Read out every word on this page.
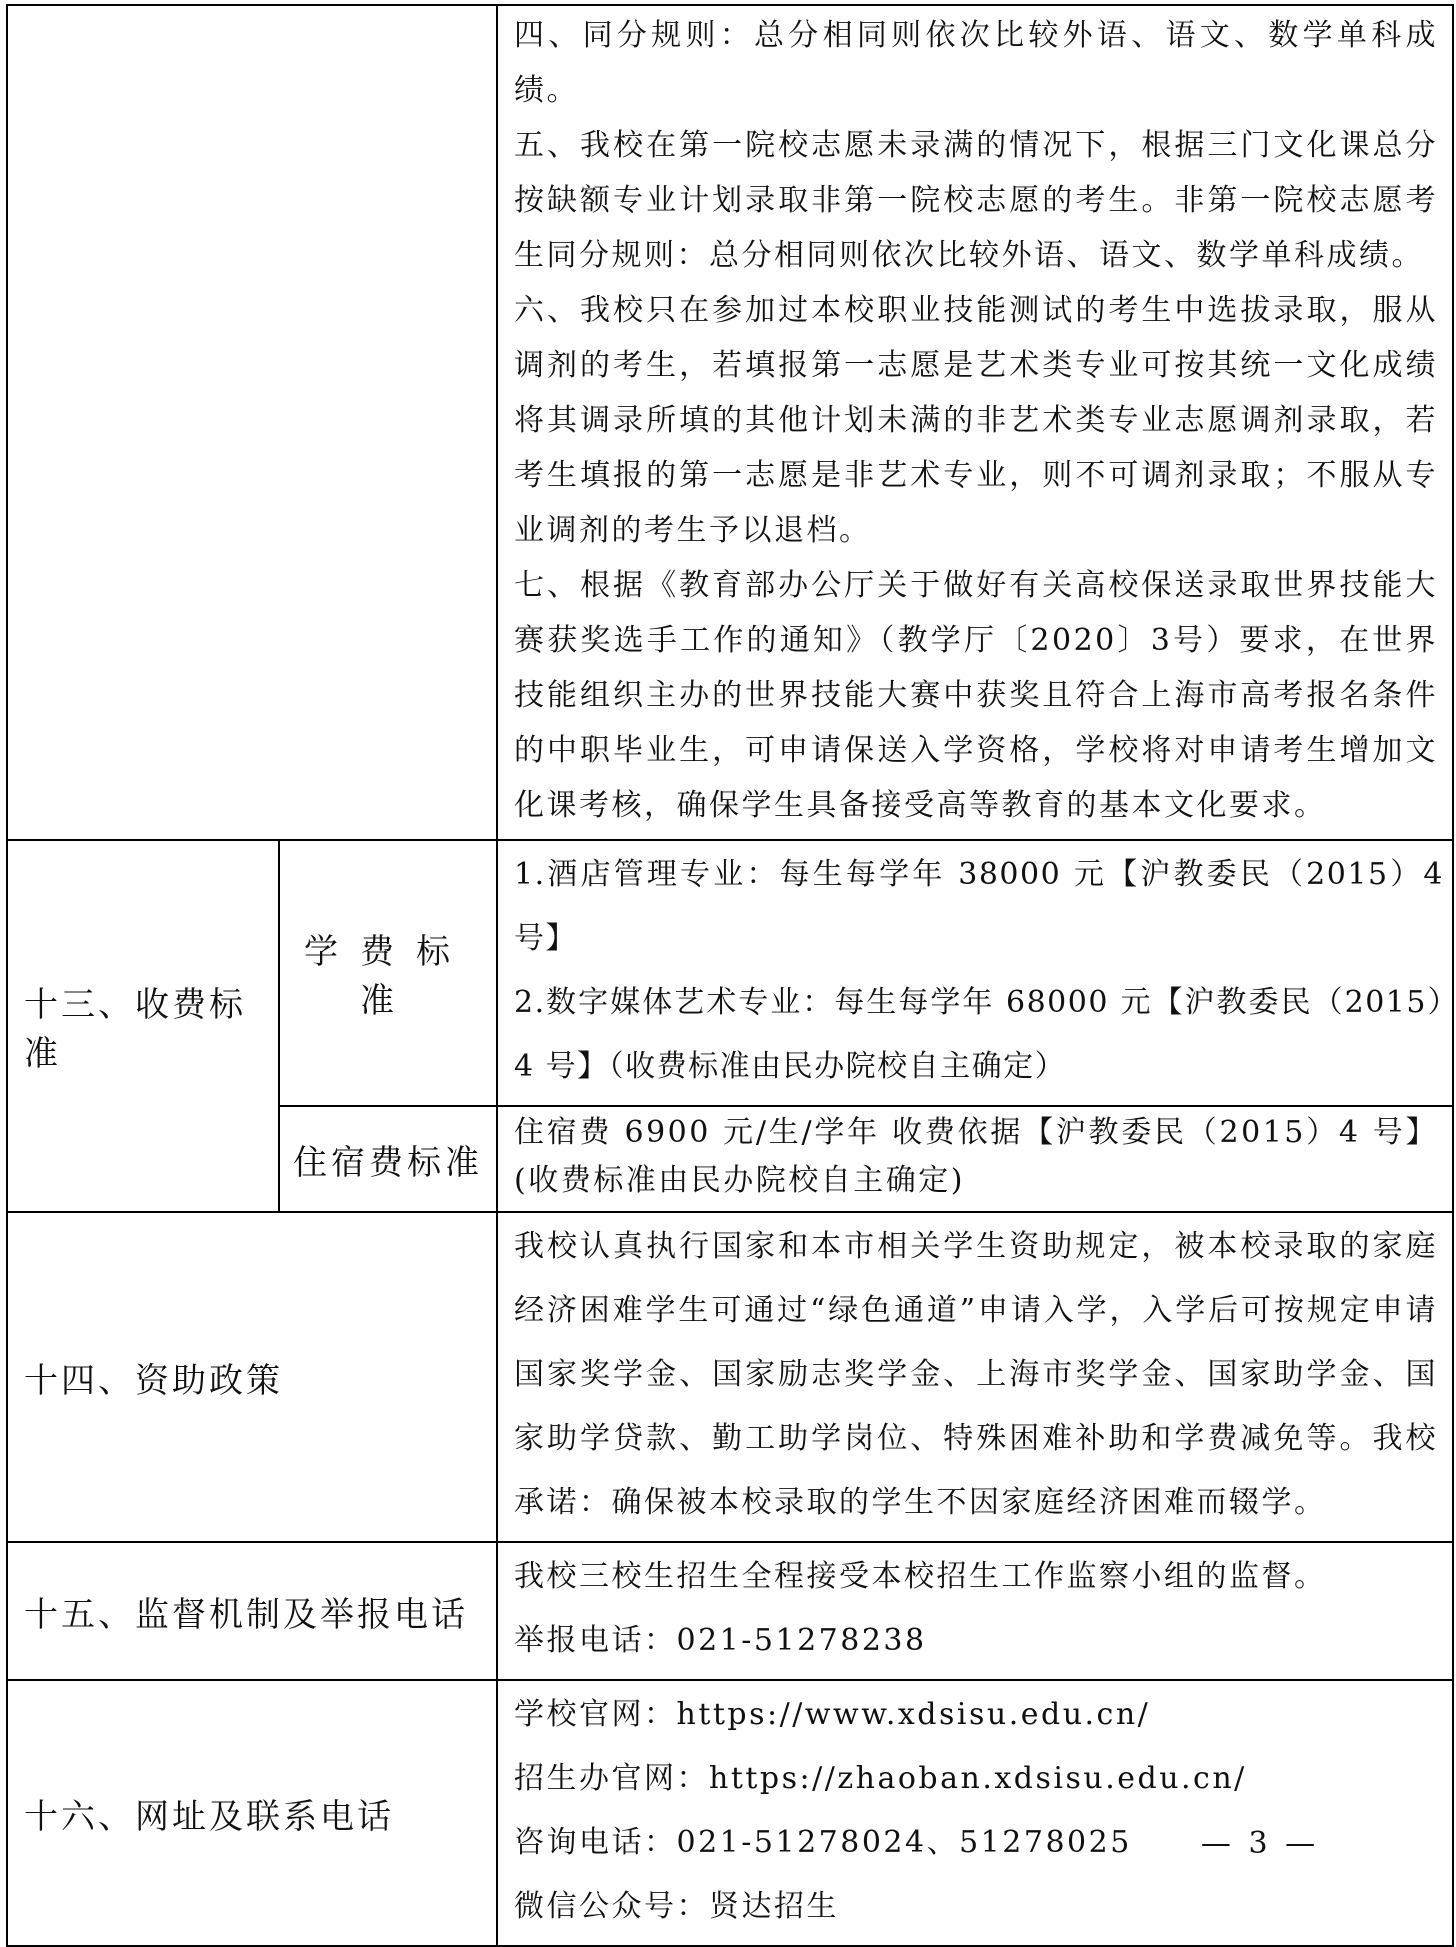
		四、同分规则：总分相同则依次比较外语、语文、数学单科成绩。

五、我校在第一院校志愿未录满的情况下，根据三门文化课总分按缺额专业计划录取非第一院校志愿的考生。非第一院校志愿考生同分规则：总分相同则依次比较外语、语文、数学单科成绩。

六、我校只在参加过本校职业技能测试的考生中选拔录取，服从调剂的考生，若填报第一志愿是艺术类专业可按其统一文化成绩将其调录所填的其他计划未满的非艺术类专业志愿调剂录取，若考生填报的第一志愿是非艺术专业，则不可调剂录取；不服从专业调剂的考生予以退档。

七、根据《教育部办公厅关于做好有关高校保送录取世界技能大赛获奖选手工作的通知》（教学厅〔2020〕3号）要求，在世界技能组织主办的世界技能大赛中获奖且符合上海市高考报名条件的中职毕业生，可申请保送入学资格，学校将对申请考生增加文化课考核，确保学生具备接受高等教育的基本文化要求。

十三、收费标准	学费标准	1.酒店管理专业：每生每学年 38000 元【沪教委民（2015）4 号】

2.数字媒体艺术专业：每生每学年 68000 元【沪教委民（2015）4 号】（收费标准由民办院校自主确定）

	住宿费标准	住宿费 6900 元/生/学年 收费依据【沪教委民（2015）4 号】(收费标准由民办院校自主确定)

十四、资助政策		我校认真执行国家和本市相关学生资助规定，被本校录取的家庭经济困难学生可通过“绿色通道”申请入学，入学后可按规定申请国家奖学金、国家励志奖学金、上海市奖学金、国家助学金、国家助学贷款、勤工助学岗位、特殊困难补助和学费减免等。我校承诺：确保被本校录取的学生不因家庭经济困难而辍学。

十五、监督机制及举报电话		我校三校生招生全程接受本校招生工作监察小组的监督。

举报电话：021-51278238

十六、网址及联系电话		学校官网：https://www.xdsisu.edu.cn/

招生办官网：https://zhaoban.xdsisu.edu.cn/

咨询电话：021-51278024、51278025

微信公众号：贤达招生

— 3 —
